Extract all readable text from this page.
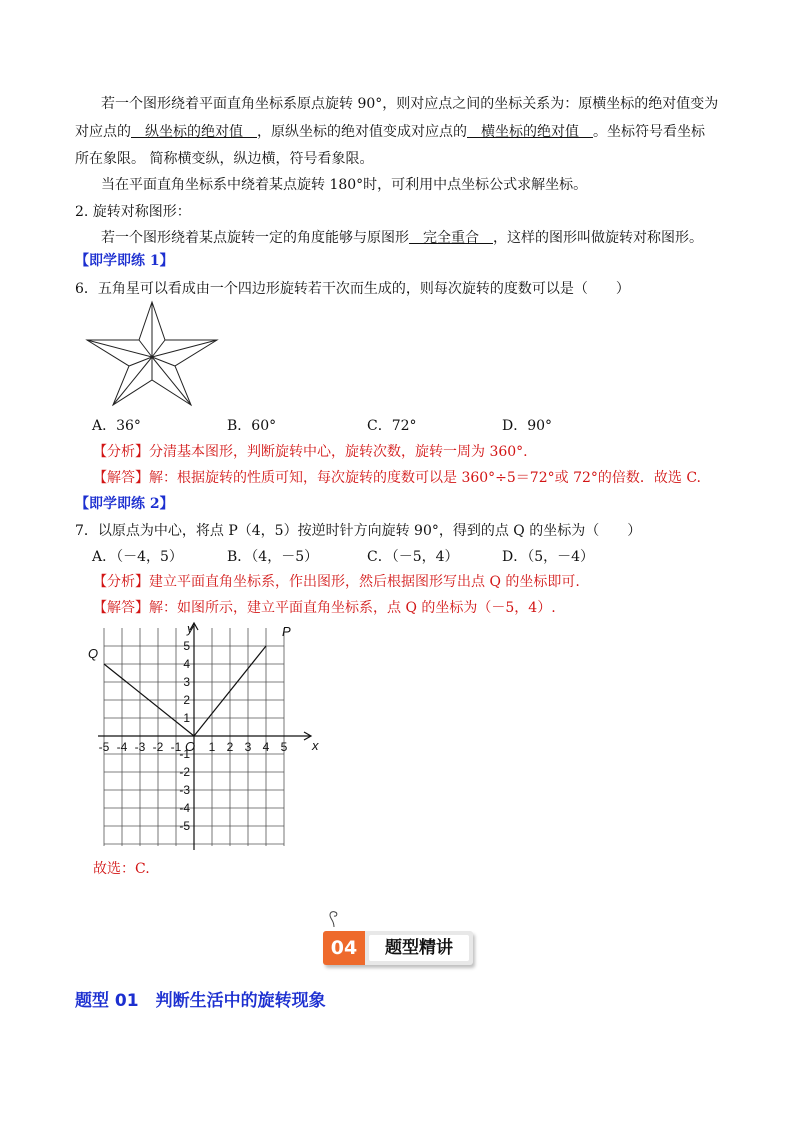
若一个图形绕着平面直角坐标系原点旋转 90°，则对应点之间的坐标关系为：原横坐标的绝对值变为
对应点的  纵坐标的绝对值  ，原纵坐标的绝对值变成对应点的  横坐标的绝对值  。坐标符号看坐标
所在象限。 简称横变纵，纵边横，符号看象限。
当在平面直角坐标系中绕着某点旋转 180°时，可利用中点坐标公式求解坐标。
2. 旋转对称图形：
若一个图形绕着某点旋转一定的角度能够与原图形  完全重合  ，这样的图形叫做旋转对称图形。
【即学即练 1】
6．五角星可以看成由一个四边形旋转若干次而生成的，则每次旋转的度数可以是（　　）
A．36°	B．60°	C．72°	D．90°
【分析】分清基本图形，判断旋转中心，旋转次数，旋转一周为 360°.
【解答】解：根据旋转的性质可知，每次旋转的度数可以是 360°÷5＝72°或 72°的倍数．故选 C.
【即学即练 2】
7．以原点为中心，将点 P（4，5）按逆时针方向旋转 90°，得到的点 Q 的坐标为（　　）
A．（－4，5）	B．（4，－5）	C．（－5，4）	D．（5，－4）
【分析】建立平面直角坐标系，作出图形，然后根据图形写出点 Q 的坐标即可.
【解答】解：如图所示，建立平面直角坐标系，点 Q 的坐标为（－5，4）.
-5 -4 -3 -2 -1 1 2 3 4 5
5
4
3
2
1
-1
-2
-3
-4
-5
O	x
y	P
Q
故选：C.
04	题型精讲
题型 01　判断生活中的旋转现象
